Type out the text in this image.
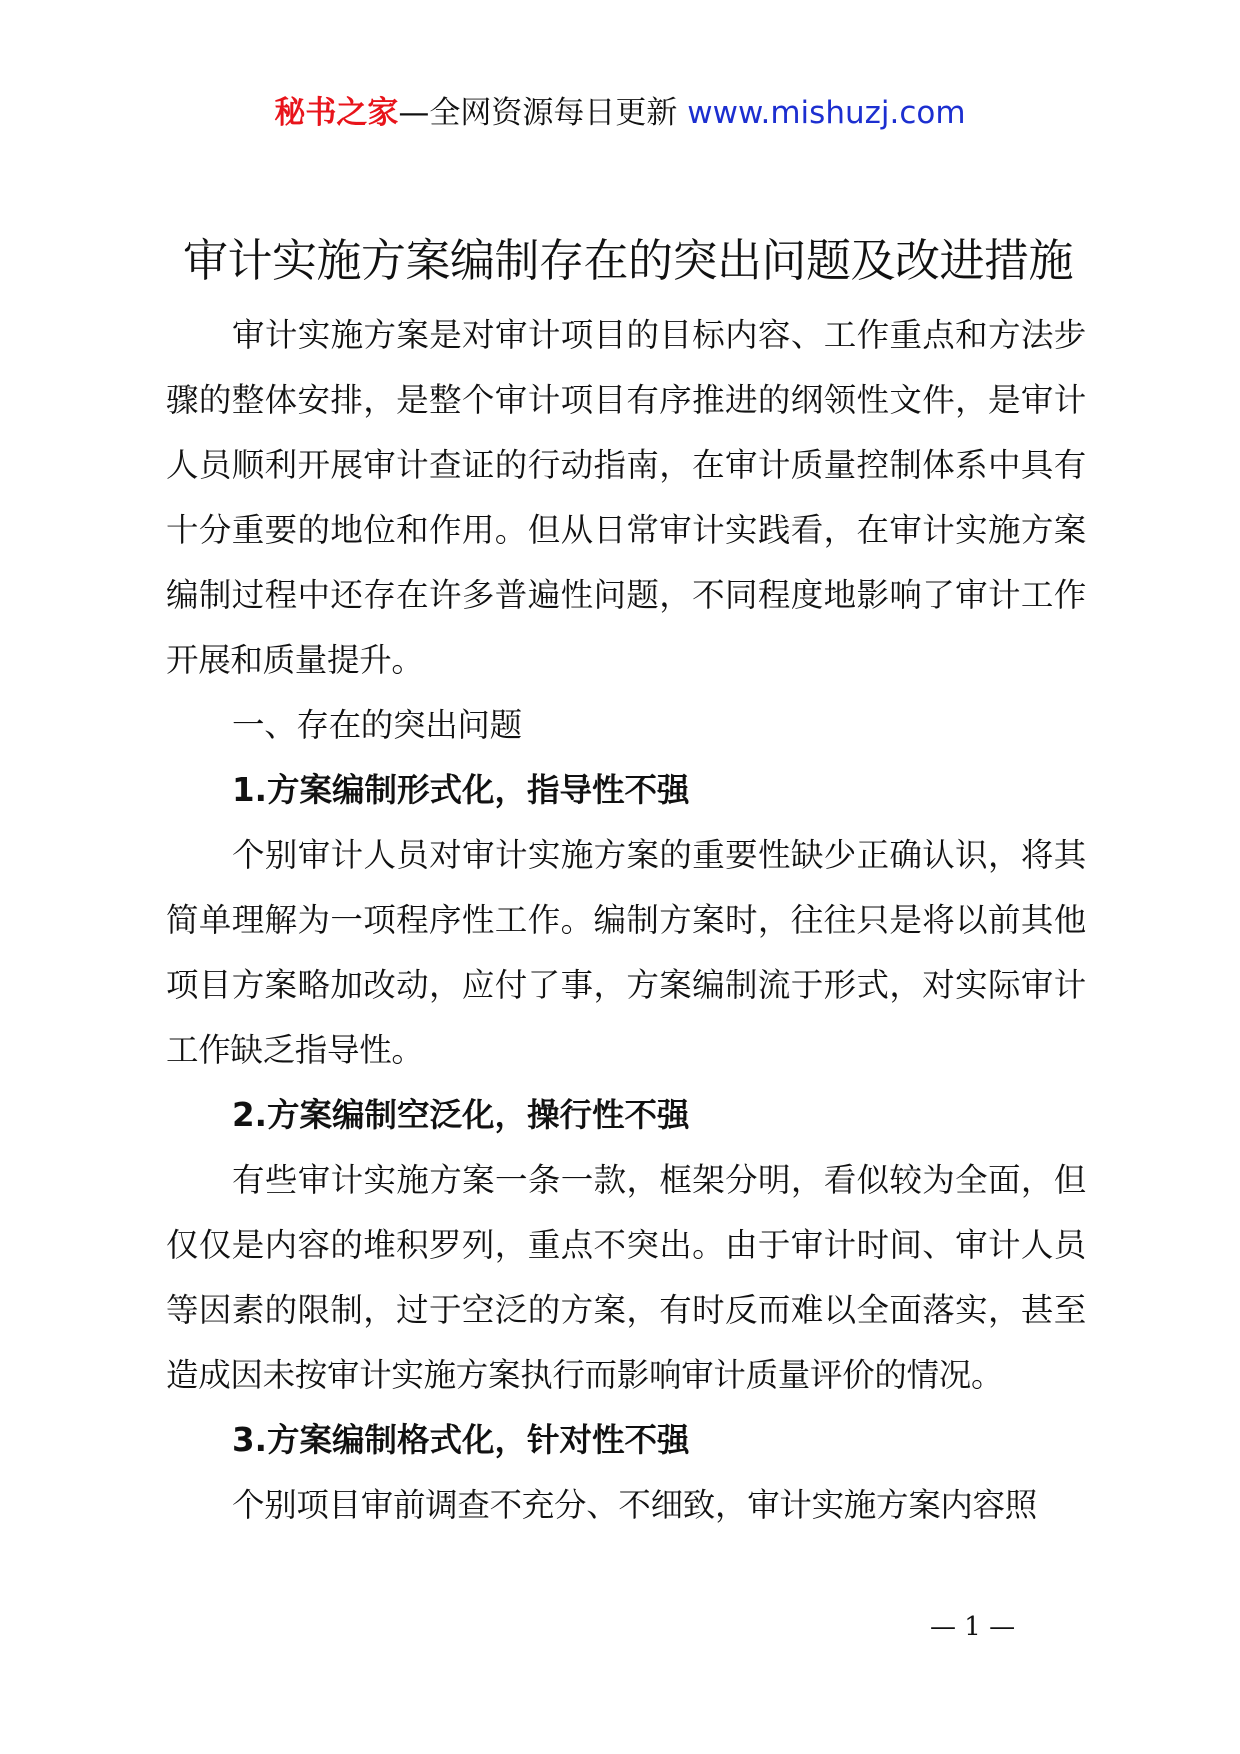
秘书之家—全网资源每日更新 www.mishuzj.com
审计实施方案编制存在的突出问题及改进措施

审计实施方案是对审计项目的目标内容、工作重点和方法步骤的整体安排，是整个审计项目有序推进的纲领性文件，是审计人员顺利开展审计查证的行动指南，在审计质量控制体系中具有十分重要的地位和作用。但从日常审计实践看，在审计实施方案编制过程中还存在许多普遍性问题，不同程度地影响了审计工作开展和质量提升。

一、存在的突出问题

1.方案编制形式化，指导性不强

个别审计人员对审计实施方案的重要性缺少正确认识，将其简单理解为一项程序性工作。编制方案时，往往只是将以前其他项目方案略加改动，应付了事，方案编制流于形式，对实际审计工作缺乏指导性。

2.方案编制空泛化，操行性不强

有些审计实施方案一条一款，框架分明，看似较为全面，但仅仅是内容的堆积罗列，重点不突出。由于审计时间、审计人员等因素的限制，过于空泛的方案，有时反而难以全面落实，甚至造成因未按审计实施方案执行而影响审计质量评价的情况。

3.方案编制格式化，针对性不强

个别项目审前调查不充分、不细致，审计实施方案内容照

— 1 —
